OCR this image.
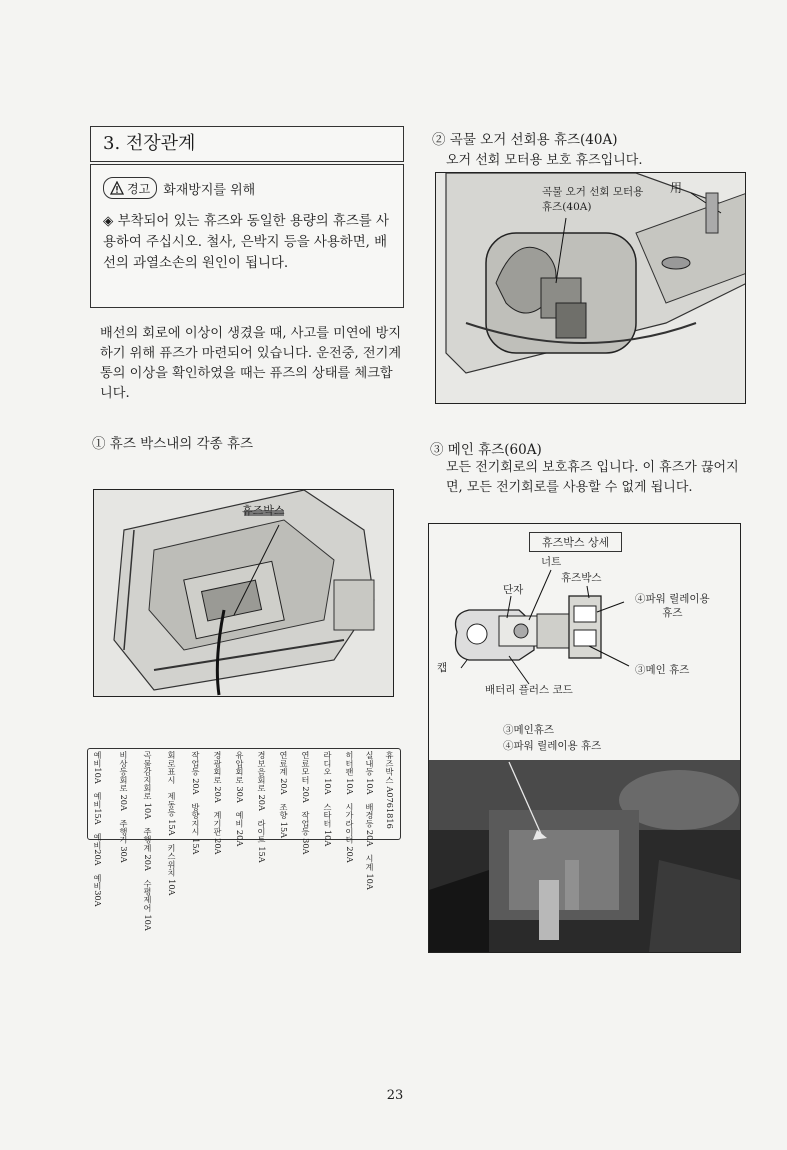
3. 전장관계
경고 화재방지를 위해
◈ 부착되어 있는 휴즈와 동일한 용량의 휴즈를 사용하여 주십시오. 철사, 은박지 등을 사용하면, 배선의 과열소손의 원인이 됩니다.
배선의 회로에 이상이 생겼을 때, 사고를 미연에 방지하기 위해 퓨즈가 마련되어 있습니다. 운전중, 전기계통의 이상을 확인하였을 때는 퓨즈의 상태를 체크합니다.
① 휴즈 박스내의 각종 휴즈
휴즈박스
예비10A　예비15A　예비20A　예비30A 비상등회로 20A　주행기 30A 곡물감지회로 10A　주행계 20A　수평제어 10A 회로표시　제동등 15A　키스위치 10A 작업등 20A　방향지시 15A 경광회로 20A　계기판 20A 유압회로 30A　예비 20A 경보음회로 20A　라이트 15A 연료계 20A　조향 15A 연료모터 20A　작업등 30A 라디오 10A　스타터 10A 히터팬 10A　시가라이터 20A 실내등 10A　배경등 20A　시계 10A 휴즈박스 A0761816
② 곡물 오거 선회용 휴즈(40A)
오거 선회 모터용 보호 휴즈입니다.
곡물 오거 선회 모터용
휴즈(40A)
用
③ 메인 휴즈(60A)
모든 전기회로의 보호휴즈 입니다. 이 휴즈가 끊어지면, 모든 전기회로를 사용할 수 없게 됩니다.
휴즈박스 상세
너트
단자
휴즈박스
④파워 릴레이용
휴즈
캡	③메인 휴즈
배터리 플러스 코드
③메인휴즈
④파워 릴레이용 휴즈
23
